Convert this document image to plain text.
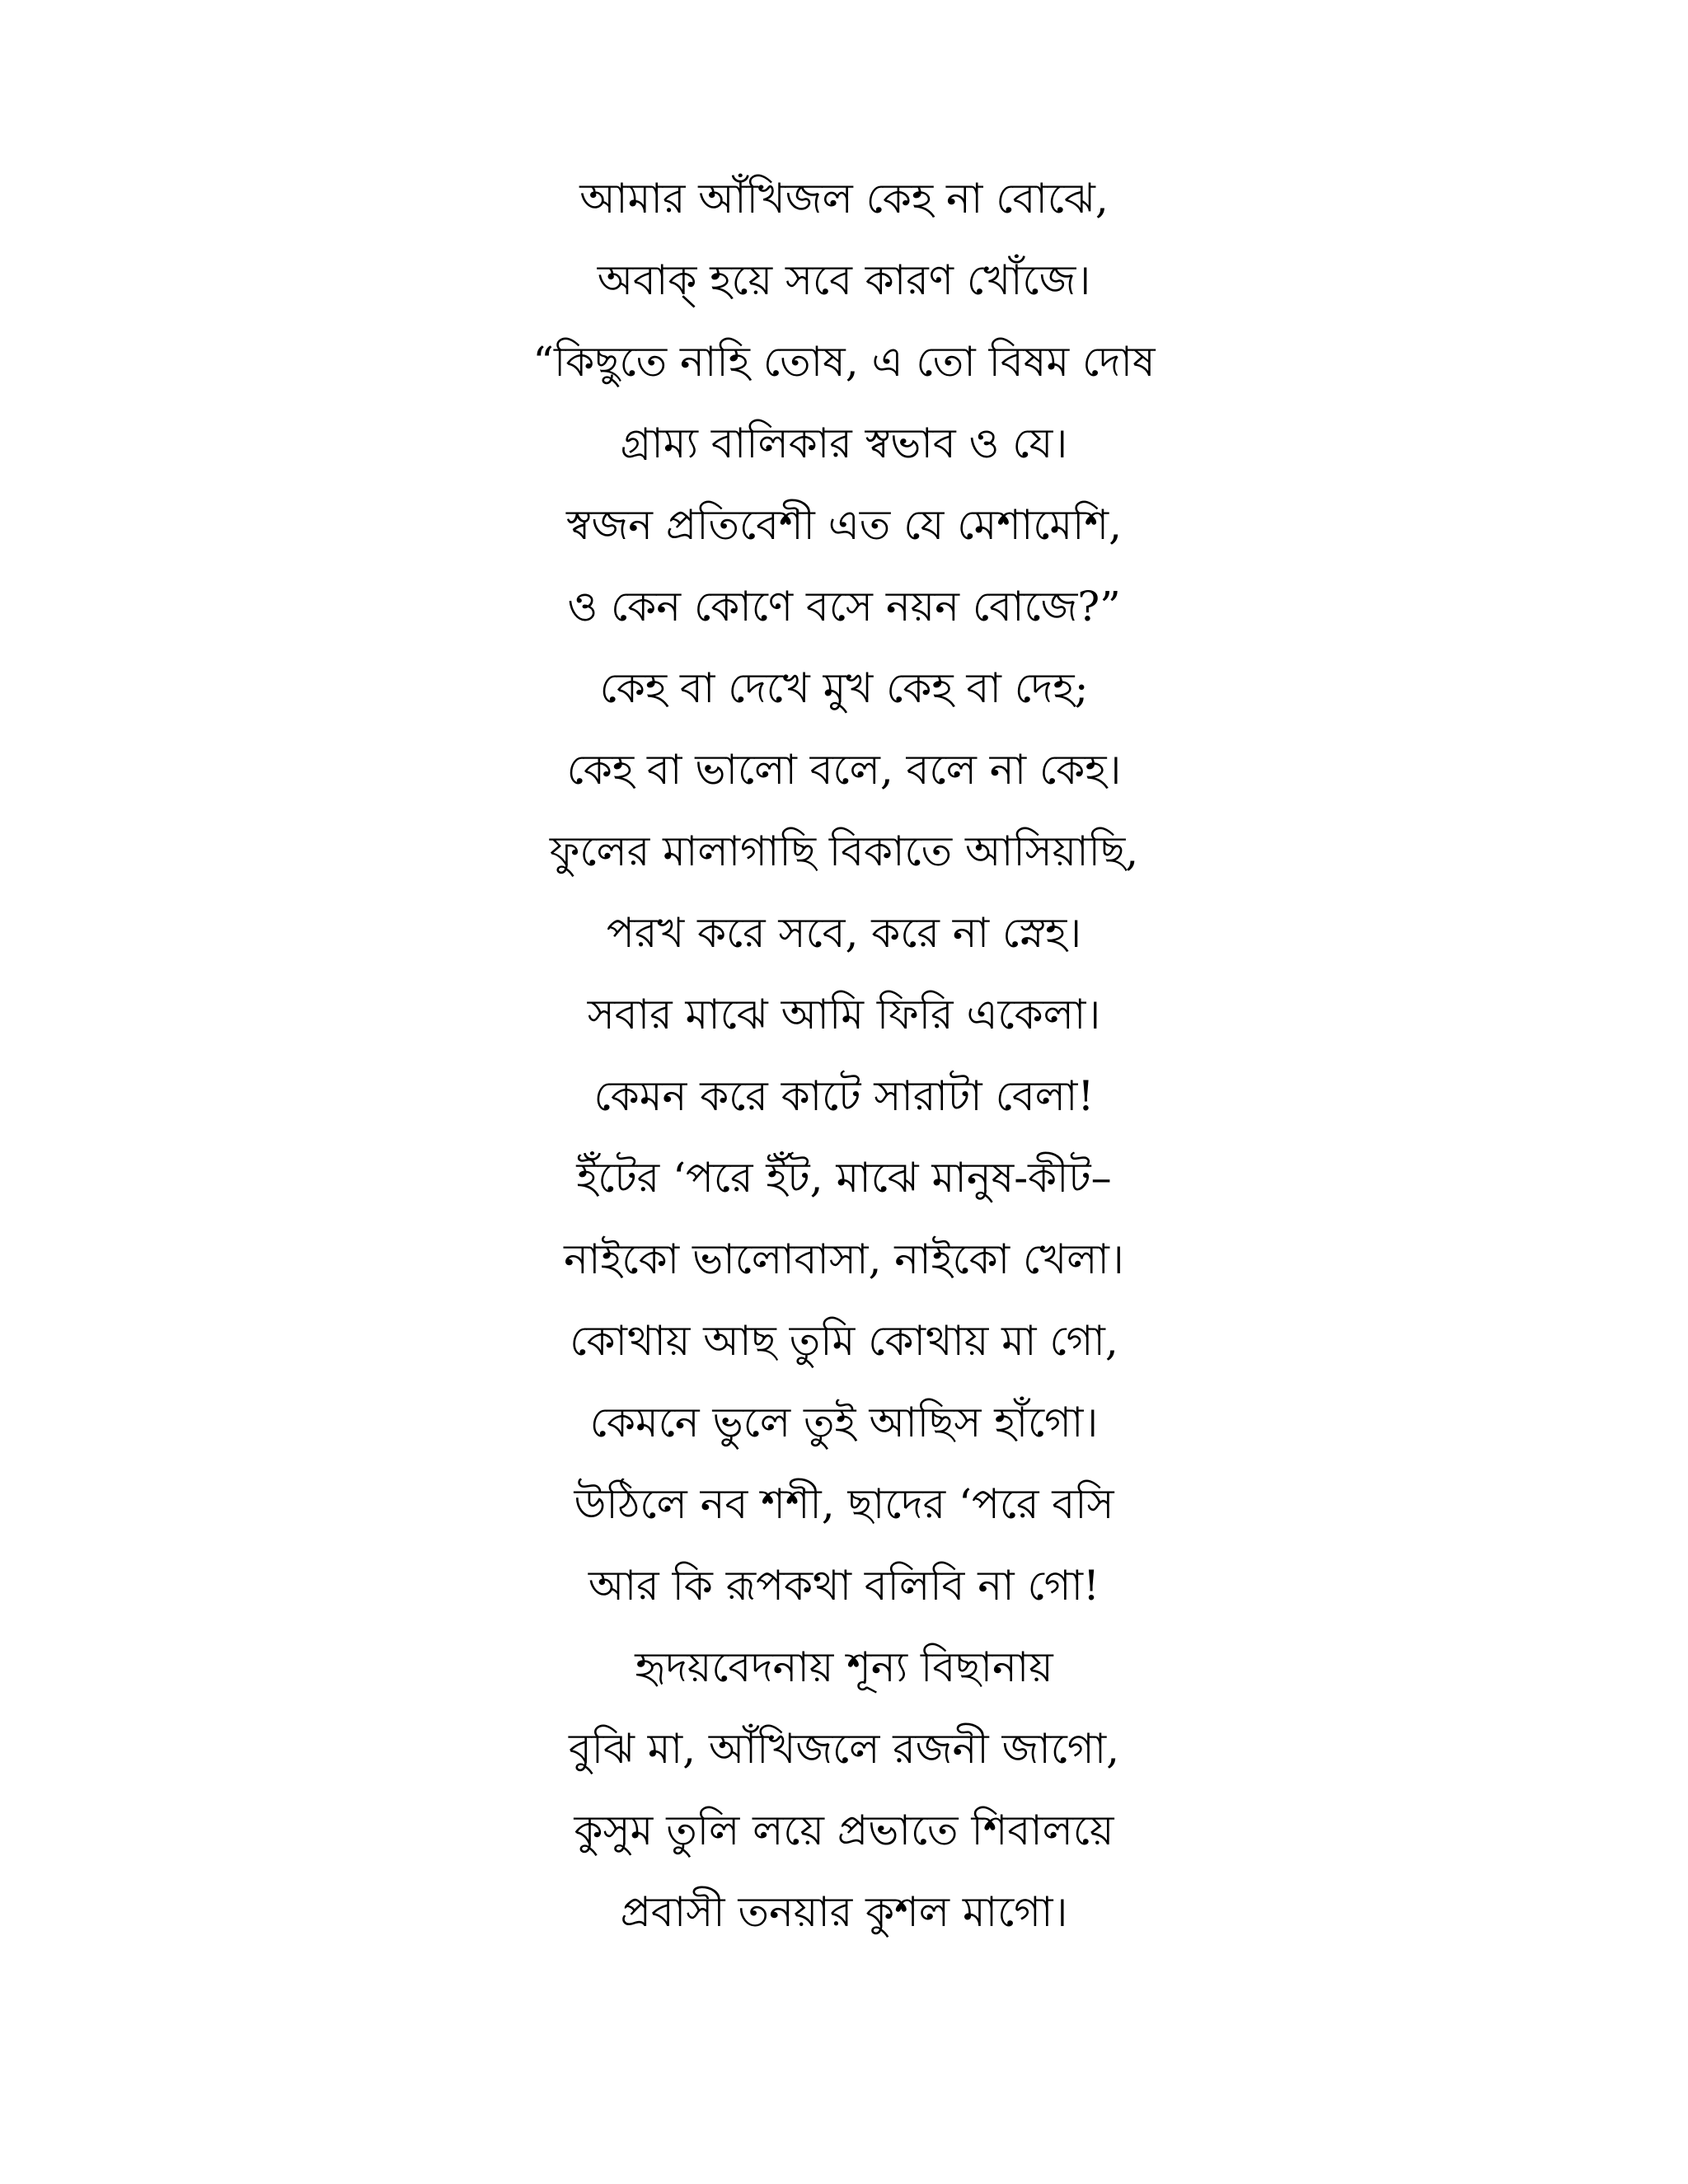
আমার আঁখিজল কেহ না বোঝে,
অবাক্‌ হয়ে সবে কারণ খোঁজে।
“কিছুতে নাহি তোষ, এ তো বিষম দোষ
গ্রাম্য বালিকার স্বভাব ও যে।
স্বজন প্রতিবেশী এত যে মেশামেশি,
ও কেন কোণে বসে নয়ন বোজে?”
কেহ বা দেখে মুখ কেহ বা দেহ;
কেহ বা ভালো বলে, বলে না কেহ।
ফুলের মালাগাছি বিকাতে আসিয়াছি,
পরখ করে সবে, করে না স্নেহ।
সবার মাঝে আমি ফিরি একেলা।
কেমন করে কাটে সারাটা বেলা!
ইঁটের ‘পরে ইঁট, মাঝে মানুষ-কীট–
নাইকো ভালোবাসা, নাইকো খেলা।
কোথায় আছ তুমি কোথায় মা গো,
কেমনে ভুলে তুই আছিস হাঁগো।
উঠিলে নব শশী, ছাদের ‘পরে বসি
আর কি রূপকথা বলিবি না গো!
হৃদয়বেদনায় শূন্য বিছানায়
বুঝি মা, আঁখিজলে রজনী জাগো,
কুসুম তুলি লয়ে প্রভাতে শিবালয়ে
প্রবাসী তনয়ার কুশল মাগো।
